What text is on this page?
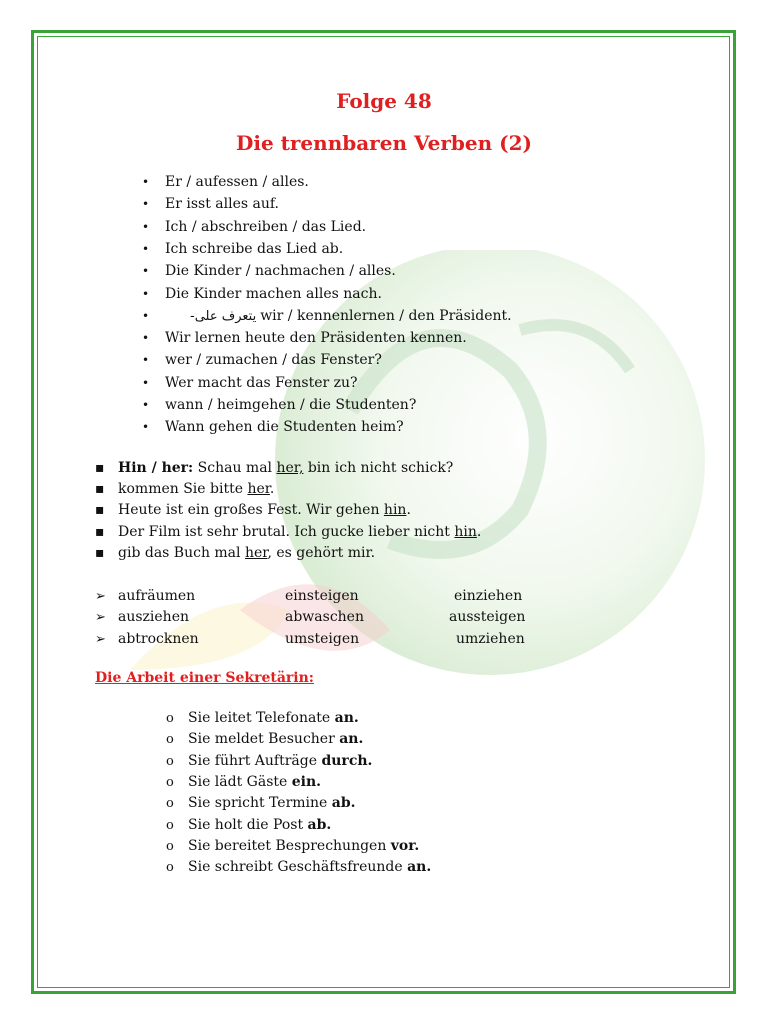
Folge 48
Die trennbaren Verben (2)
•
Er / aufessen / alles.
•
Er isst alles auf.
•
Ich / abschreiben / das Lied.
•
Ich schreibe das Lied ab.
•
Die Kinder / nachmachen / alles.
•
Die Kinder machen alles nach.
•
يتعرف على- wir / kennenlernen / den Präsident.
•
Wir lernen heute den Präsidenten kennen.
•
wer / zumachen / das Fenster?
•
Wer macht das Fenster zu?
•
wann / heimgehen / die Studenten?
•
Wann gehen die Studenten heim?
▪
Hin / her: Schau mal her, bin ich nicht schick?
▪
kommen Sie bitte her.
▪
Heute ist ein großes Fest. Wir gehen hin.
▪
Der Film ist sehr brutal. Ich gucke lieber nicht hin.
▪
gib das Buch mal her, es gehört mir.
➢
aufräumen	einsteigen	einziehen
➢
ausziehen	abwaschen	aussteigen
➢
abtrocknen	umsteigen	umziehen
Die Arbeit einer Sekretärin:
o
Sie leitet Telefonate an.
o
Sie meldet Besucher an.
o
Sie führt Aufträge durch.
o
Sie lädt Gäste ein.
o
Sie spricht Termine ab.
o
Sie holt die Post ab.
o
Sie bereitet Besprechungen vor.
o
Sie schreibt Geschäftsfreunde an.
